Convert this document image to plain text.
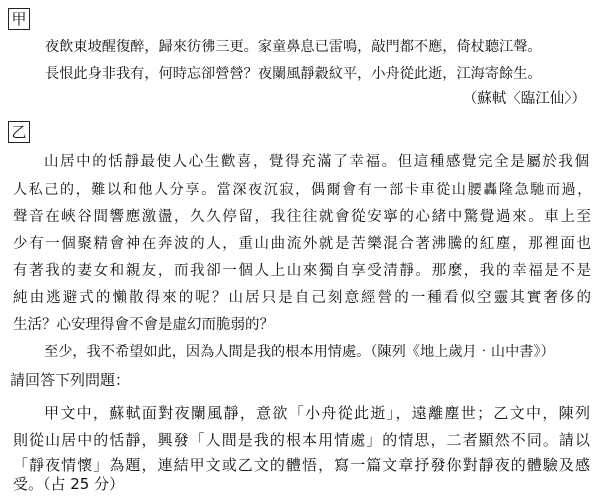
甲
夜飲東坡醒復醉，歸來彷彿三更。家童鼻息已雷鳴，敲門都不應，倚杖聽江聲。
長恨此身非我有，何時忘卻營營？夜闌風靜縠紋平，小舟從此逝，江海寄餘生。
（蘇軾〈臨江仙〉）
乙
山居中的恬靜最使人心生歡喜，覺得充滿了幸福。但這種感覺完全是屬於我個
人私己的，難以和他人分享。當深夜沉寂，偶爾會有一部卡車從山腰轟隆急馳而過，
聲音在峽谷間響應激盪，久久停留，我往往就會從安寧的心緒中驚覺過來。車上至
少有一個聚精會神在奔波的人，重山曲流外就是苦樂混合著沸騰的紅塵，那裡面也
有著我的妻女和親友，而我卻一個人上山來獨自享受清靜。那麼，我的幸福是不是
純由逃避式的懶散得來的呢？山居只是自己刻意經營的一種看似空靈其實奢侈的
生活？心安理得會不會是虛幻而脆弱的？
至少，我不希望如此，因為人間是我的根本用情處。（陳列《地上歲月‧山中書》）
請回答下列問題：
甲文中，蘇軾面對夜闌風靜，意欲「小舟從此逝」，遠離塵世；乙文中，陳列
則從山居中的恬靜，興發「人間是我的根本用情處」的情思，二者顯然不同。請以
「靜夜情懷」為題，連結甲文或乙文的體悟，寫一篇文章抒發你對靜夜的體驗及感
受。（占 25 分）
